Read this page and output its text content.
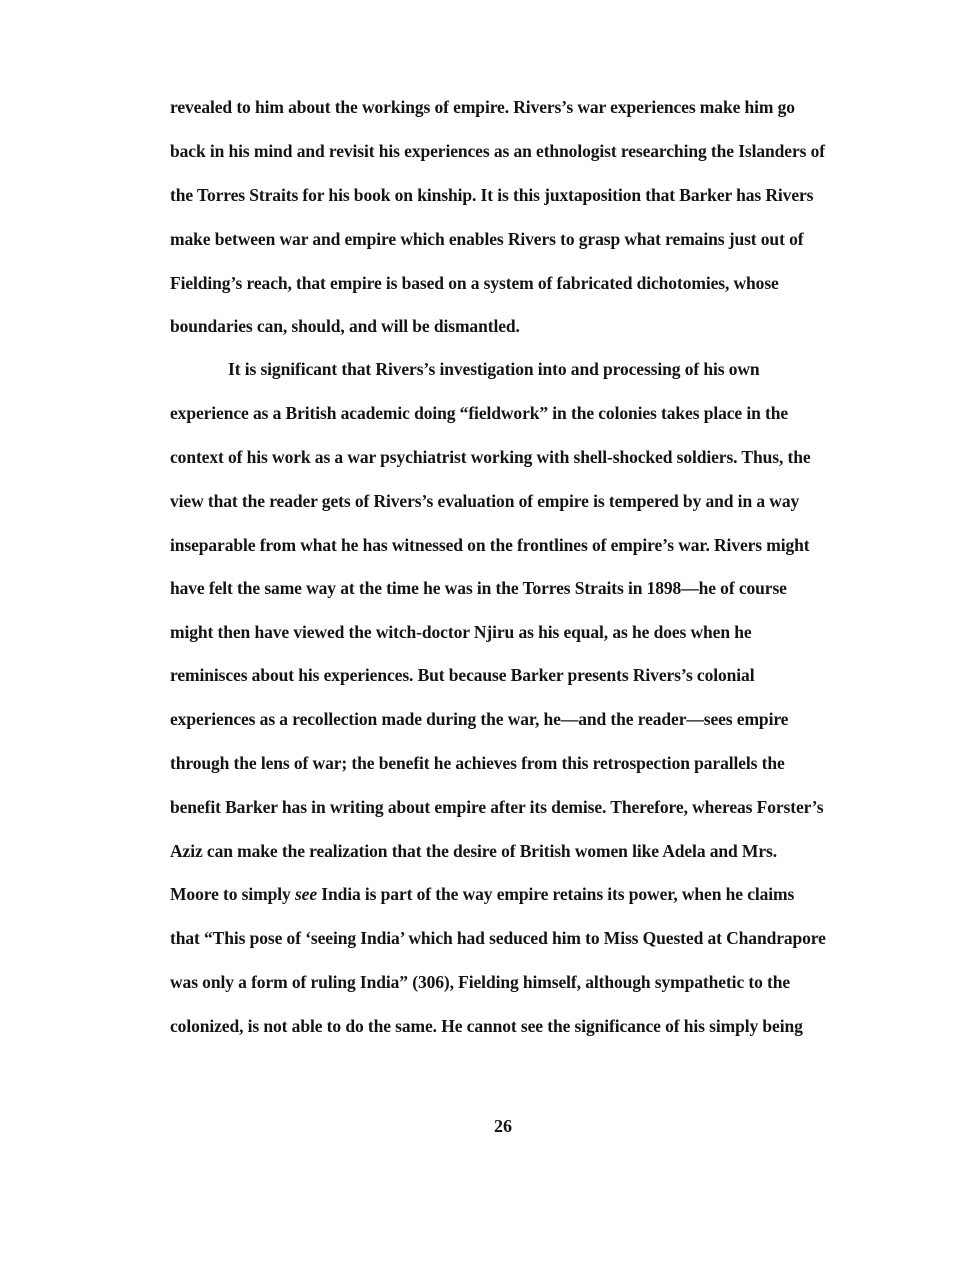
revealed to him about the workings of empire. Rivers’s war experiences make him go
back in his mind and revisit his experiences as an ethnologist researching the Islanders of
the Torres Straits for his book on kinship. It is this juxtaposition that Barker has Rivers
make between war and empire which enables Rivers to grasp what remains just out of
Fielding’s reach, that empire is based on a system of fabricated dichotomies, whose
boundaries can, should, and will be dismantled.
It is significant that Rivers’s investigation into and processing of his own
experience as a British academic doing “fieldwork” in the colonies takes place in the
context of his work as a war psychiatrist working with shell-shocked soldiers. Thus, the
view that the reader gets of Rivers’s evaluation of empire is tempered by and in a way
inseparable from what he has witnessed on the frontlines of empire’s war. Rivers might
have felt the same way at the time he was in the Torres Straits in 1898—he of course
might then have viewed the witch-doctor Njiru as his equal, as he does when he
reminisces about his experiences. But because Barker presents Rivers’s colonial
experiences as a recollection made during the war, he—and the reader—sees empire
through the lens of war; the benefit he achieves from this retrospection parallels the
benefit Barker has in writing about empire after its demise. Therefore, whereas Forster’s
Aziz can make the realization that the desire of British women like Adela and Mrs.
Moore to simply see India is part of the way empire retains its power, when he claims
that “This pose of ‘seeing India’ which had seduced him to Miss Quested at Chandrapore
was only a form of ruling India” (306), Fielding himself, although sympathetic to the
colonized, is not able to do the same. He cannot see the significance of his simply being
26
